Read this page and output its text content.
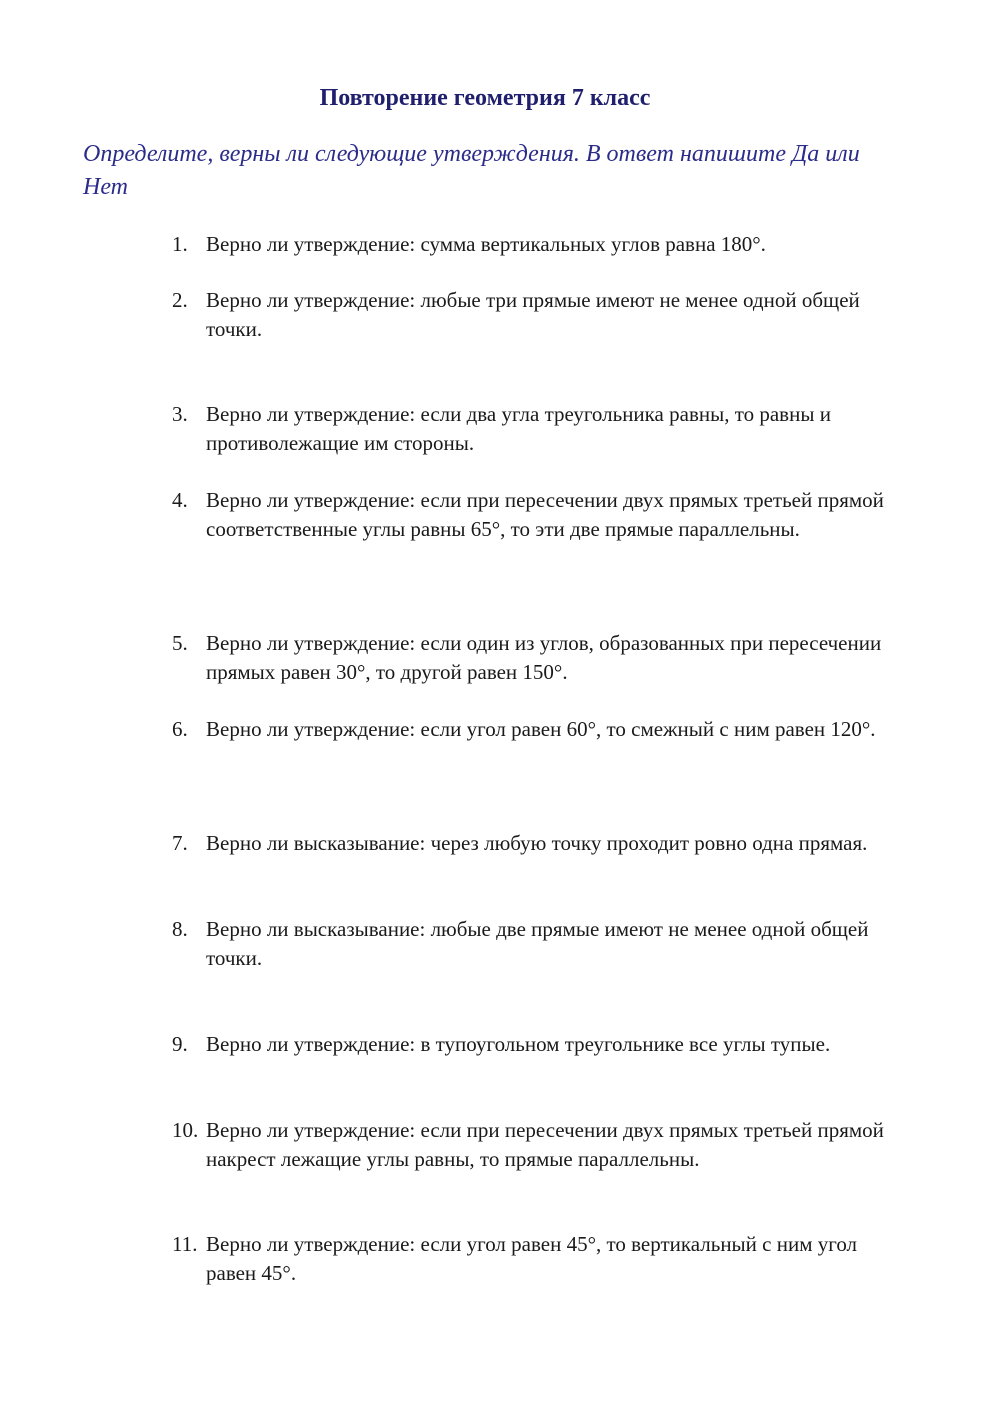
Повторение геометрия 7 класс
Определите, верны ли следующие утверждения. В ответ напишите Да или Нет
1. Верно ли утверждение: сумма вертикальных углов равна 180°.
2. Верно ли утверждение: любые три прямые имеют не менее одной общей точки.
3. Верно ли утверждение: если два угла треугольника равны, то равны и противолежащие им стороны.
4. Верно ли утверждение: если при пересечении двух прямых третьей прямой соответственные углы равны 65°, то эти две прямые параллельны.
5. Верно ли утверждение: если один из углов, образованных при пересечении прямых равен 30°, то другой равен 150°.
6. Верно ли утверждение: если угол равен 60°, то смежный с ним равен 120°.
7. Верно ли высказывание: через любую точку проходит ровно одна прямая.
8. Верно ли высказывание: любые две прямые имеют не менее одной общей точки.
9. Верно ли утверждение: в тупоугольном треугольнике все углы тупые.
10. Верно ли утверждение: если при пересечении двух прямых третьей прямой накрест лежащие углы равны, то прямые параллельны.
11. Верно ли утверждение: если угол равен 45°, то вертикальный с ним угол равен 45°.
